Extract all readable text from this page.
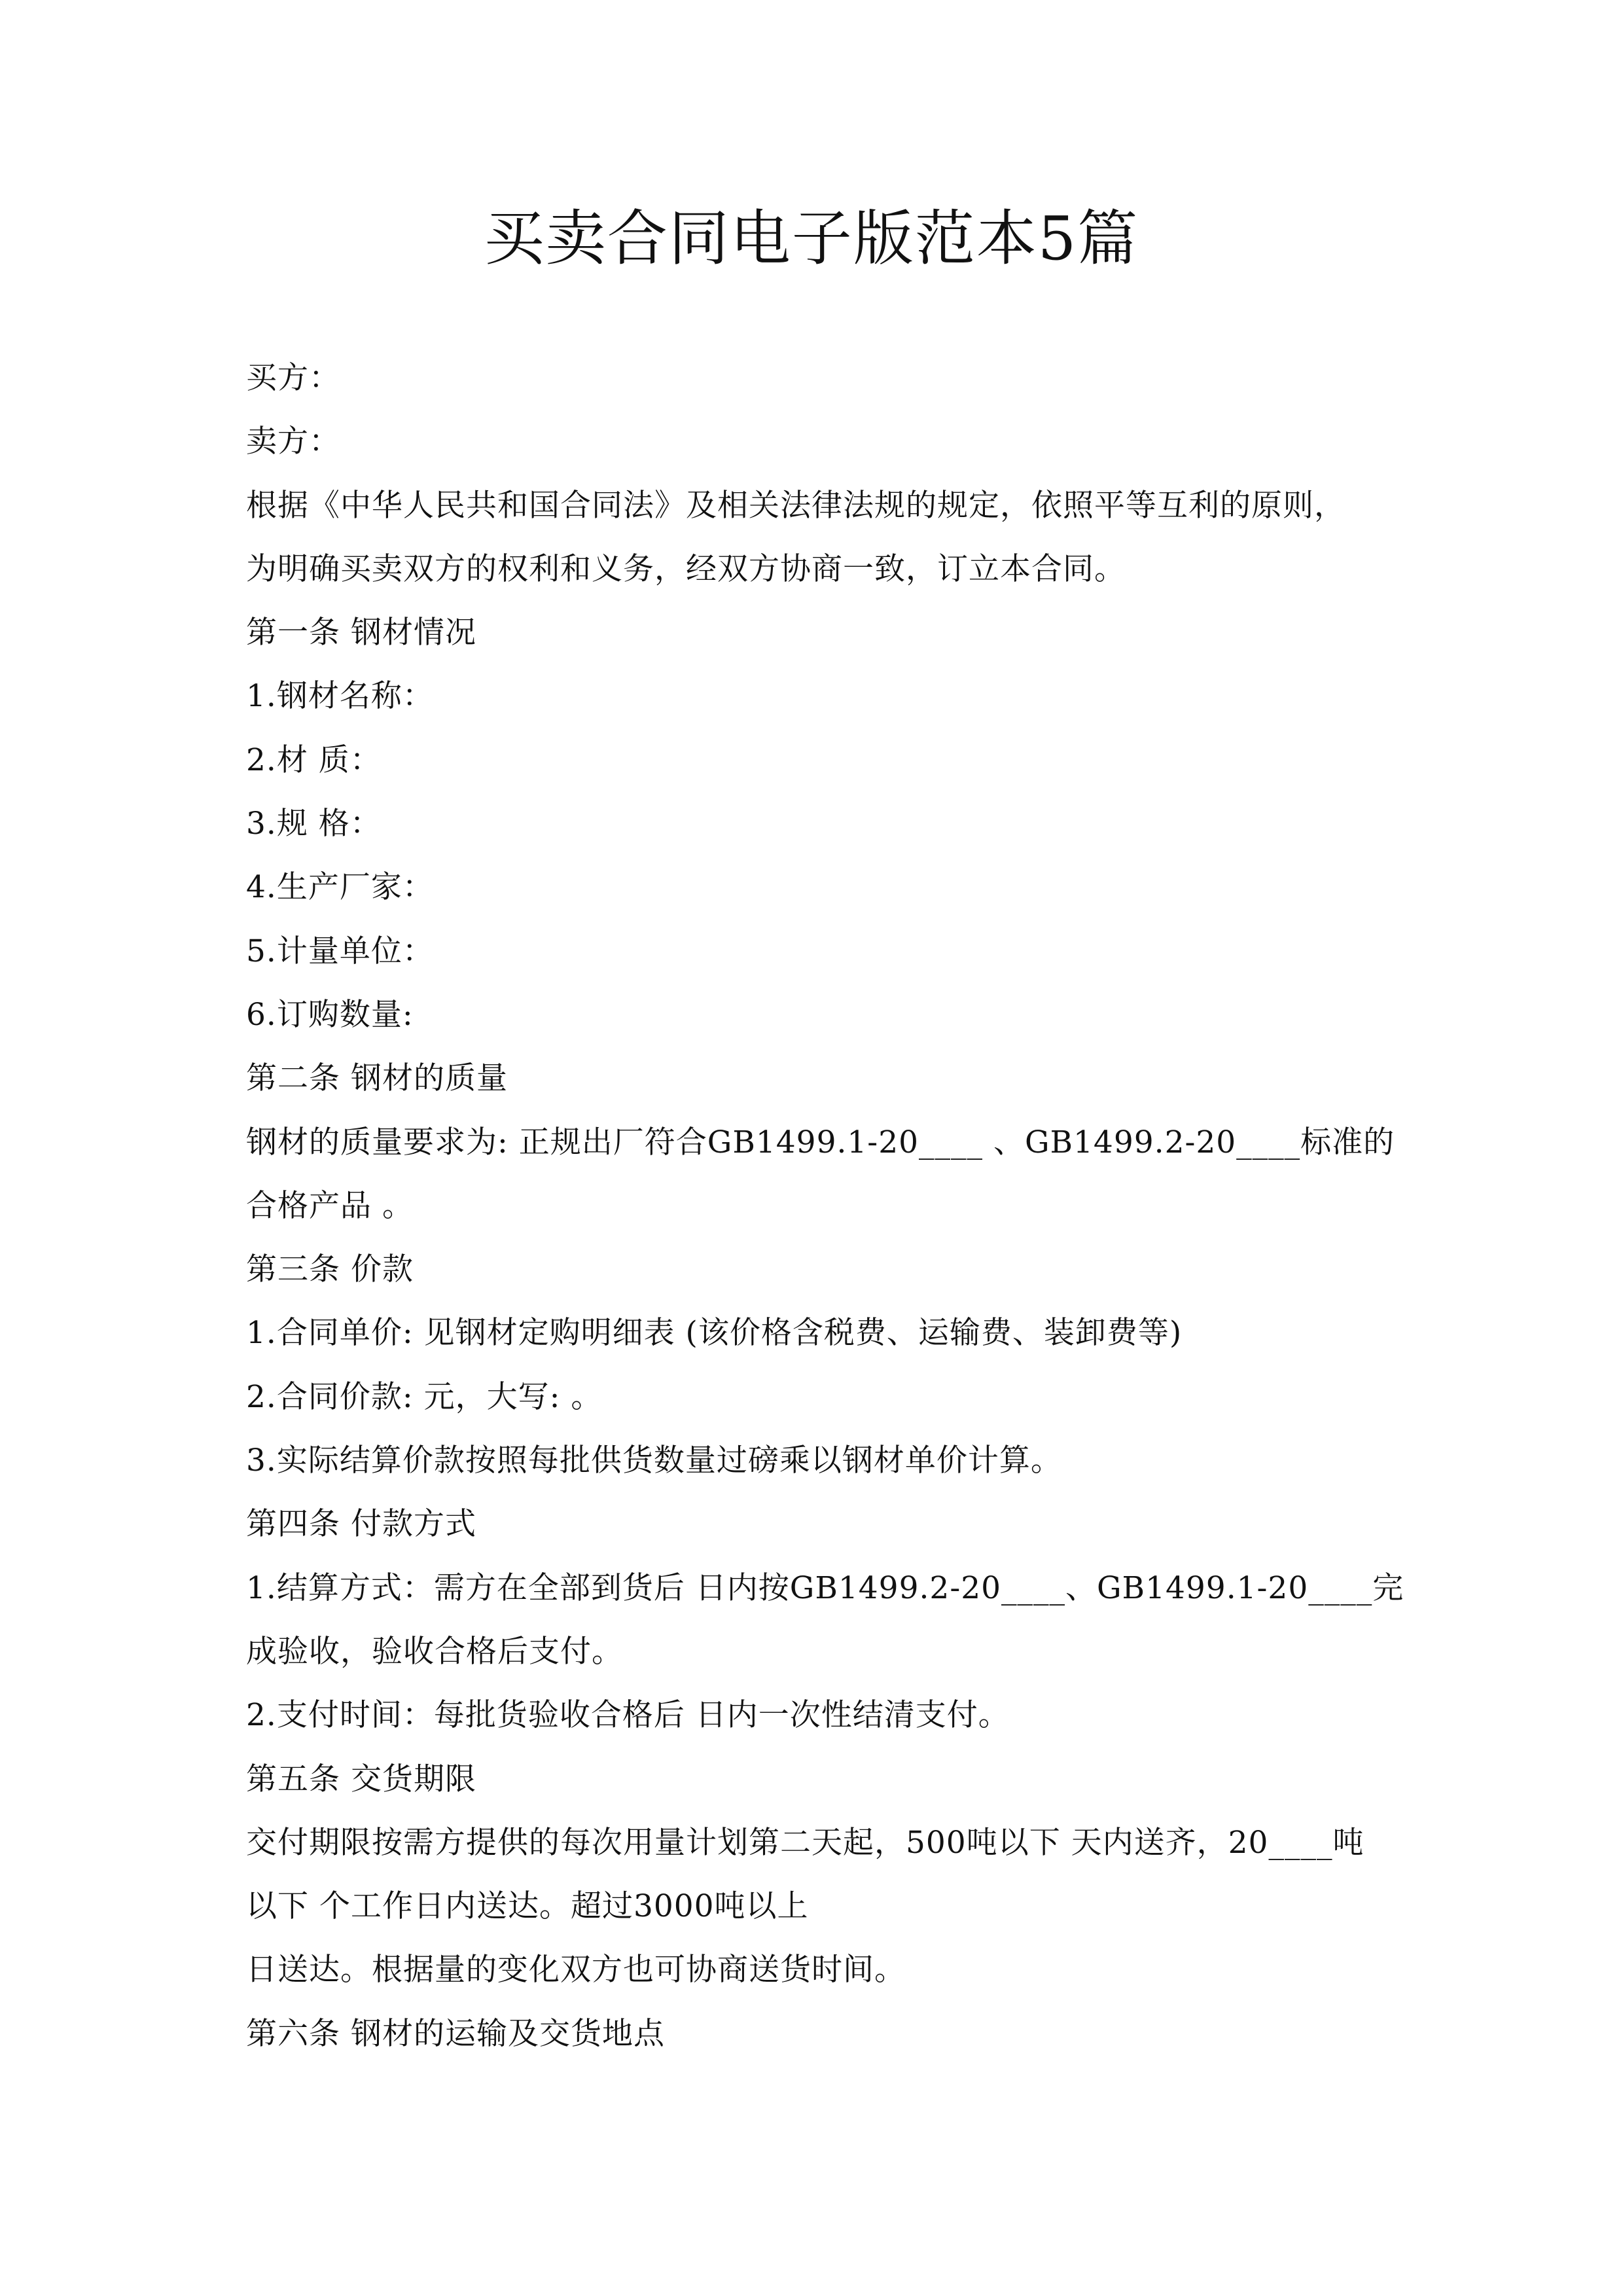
买卖合同电子版范本5篇
买方：
卖方：
根据《中华人民共和国合同法》及相关法律法规的规定，依照平等互利的原则，
为明确买卖双方的权利和义务，经双方协商一致，订立本合同。
第一条 钢材情况
1.钢材名称：
2.材 质：
3.规 格：
4.生产厂家：
5.计量单位：
6.订购数量:
第二条 钢材的质量
钢材的质量要求为: 正规出厂符合GB1499.1-20____ 、GB1499.2-20____标准的
合格产品 。
第三条 价款
1.合同单价: 见钢材定购明细表 (该价格含税费、运输费、装卸费等)
2.合同价款: 元，大写: 。
3.实际结算价款按照每批供货数量过磅乘以钢材单价计算。
第四条 付款方式
1.结算方式：需方在全部到货后 日内按GB1499.2-20____、GB1499.1-20____完
成验收，验收合格后支付。
2.支付时间：每批货验收合格后 日内一次性结清支付。
第五条 交货期限
交付期限按需方提供的每次用量计划第二天起，500吨以下 天内送齐，20____吨
以下 个工作日内送达。超过3000吨以上
日送达。根据量的变化双方也可协商送货时间。
第六条 钢材的运输及交货地点
